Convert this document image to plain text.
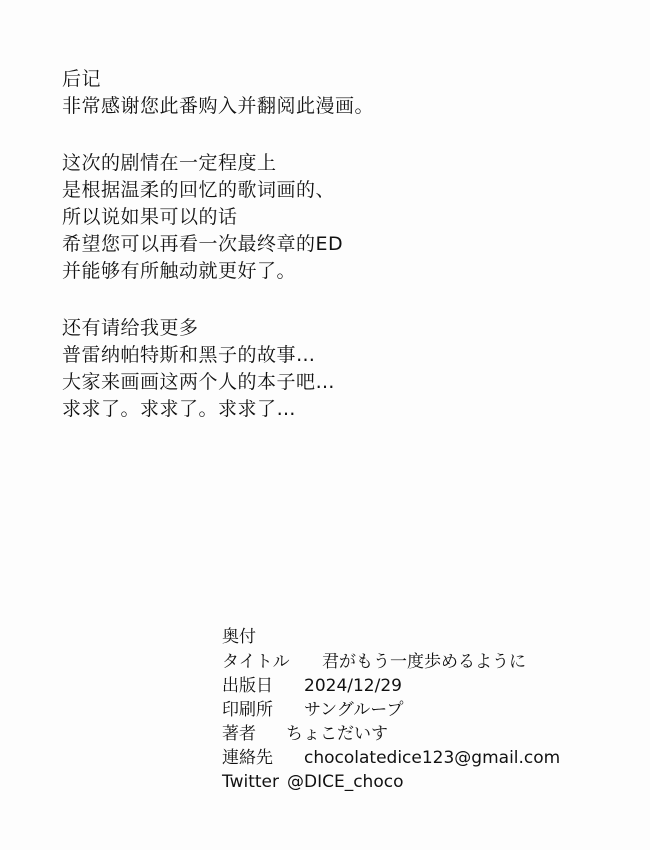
后记
非常感谢您此番购入并翻阅此漫画。
这次的剧情在一定程度上
是根据温柔的回忆的歌词画的、
所以说如果可以的话
希望您可以再看一次最终章的ED
并能够有所触动就更好了。
还有请给我更多
普雷纳帕特斯和黑子的故事…
大家来画画这两个人的本子吧…
求求了。求求了。求求了…
奥付
タイトル 君がもう一度歩めるように
出版日 2024/12/29
印刷所 サングループ
著者 ちょこだいす
連絡先 chocolatedice123@gmail.com
Twitter @DICE_choco
